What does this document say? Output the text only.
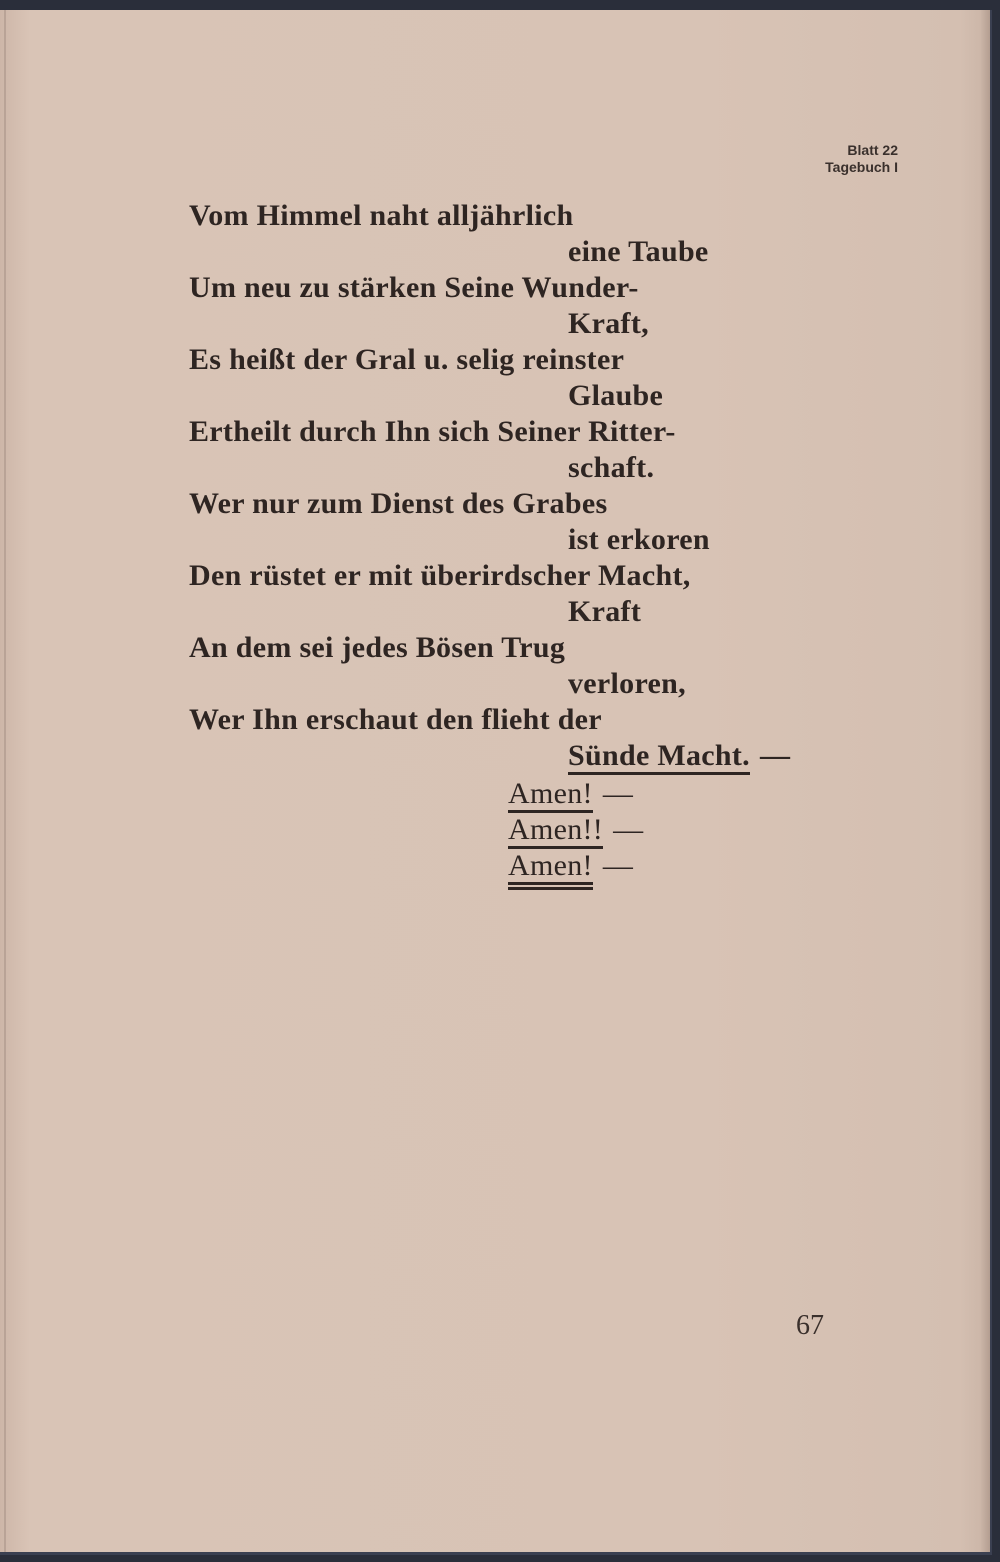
Blatt 22
Tagebuch I
Vom Himmel naht alljährlich
eine Taube
Um neu zu stärken Seine Wunder-
Kraft,
Es heißt der Gral u. selig reinster
Glaube
Ertheilt durch Ihn sich Seiner Ritter-
schaft.
Wer nur zum Dienst des Grabes
ist erkoren
Den rüstet er mit überirdscher Macht,
Kraft
An dem sei jedes Bösen Trug
verloren,
Wer Ihn erschaut den flieht der
Sünde Macht. —
Amen! —
Amen!! —
Amen! —
67
